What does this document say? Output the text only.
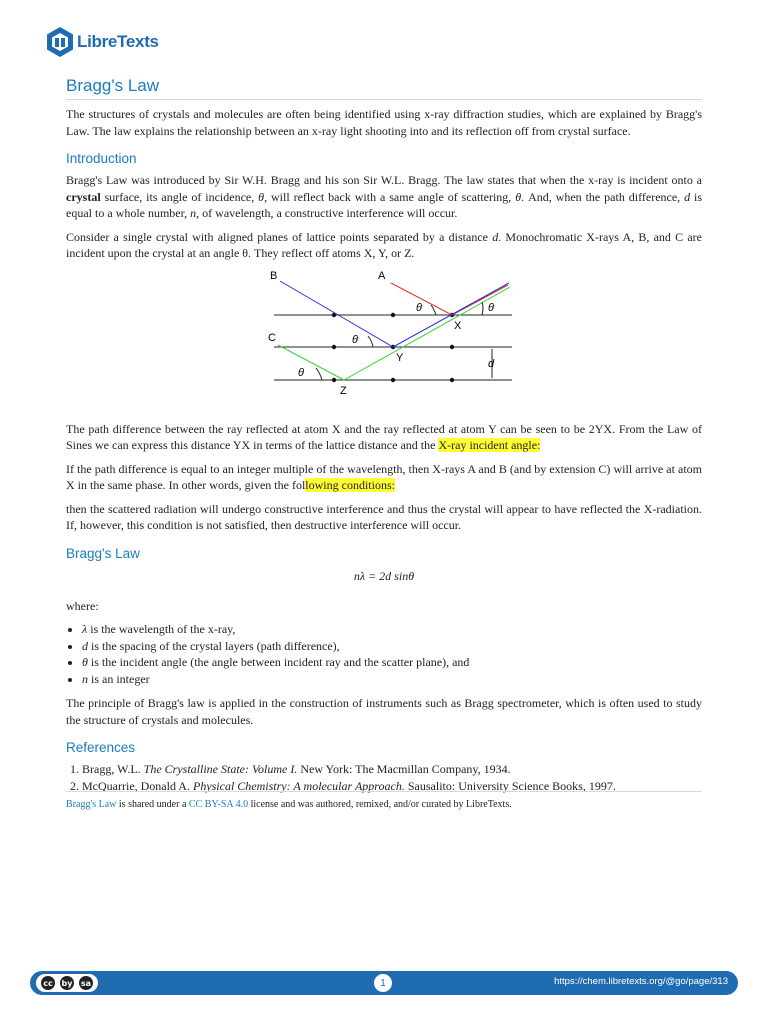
LibreTexts
Bragg's Law

The structures of crystals and molecules are often being identified using x-ray diffraction studies, which are explained by Bragg's Law. The law explains the relationship between an x-ray light shooting into and its reflection off from crystal surface.

Introduction

Bragg's Law was introduced by Sir W.H. Bragg and his son Sir W.L. Bragg. The law states that when the x-ray is incident onto a crystal surface, its angle of incidence, θ, will reflect back with a same angle of scattering, θ. And, when the path difference, d is equal to a whole number, n, of wavelength, a constructive interference will occur.

Consider a single crystal with aligned planes of lattice points separated by a distance d. Monochromatic X-rays A, B, and C are incident upon the crystal at an angle θ. They reflect off atoms X, Y, or Z.

B	A
C
X
Y
Z
θ	θ
θ
θ
d

The path difference between the ray reflected at atom X and the ray reflected at atom Y can be seen to be 2YX. From the Law of Sines we can express this distance YX in terms of the lattice distance and the X-ray incident angle:

If the path difference is equal to an integer multiple of the wavelength, then X-rays A and B (and by extension C) will arrive at atom X in the same phase. In other words, given the following conditions:

then the scattered radiation will undergo constructive interference and thus the crystal will appear to have reflected the X-radiation. If, however, this condition is not satisfied, then destructive interference will occur.

Bragg's Law
nλ = 2d sinθ

where:

• λ is the wavelength of the x-ray,
• d is the spacing of the crystal layers (path difference),
• θ is the incident angle (the angle between incident ray and the scatter plane), and
• n is an integer

The principle of Bragg's law is applied in the construction of instruments such as Bragg spectrometer, which is often used to study the structure of crystals and molecules.

References
1. Bragg, W.L. The Crystalline State: Volume I. New York: The Macmillan Company, 1934.
2. McQuarrie, Donald A. Physical Chemistry: A molecular Approach. Sausalito: University Science Books, 1997.
Bragg's Law is shared under a CC BY-SA 4.0 license and was authored, remixed, and/or curated by LibreTexts.
cc by sa	1	https://chem.libretexts.org/@go/page/313
